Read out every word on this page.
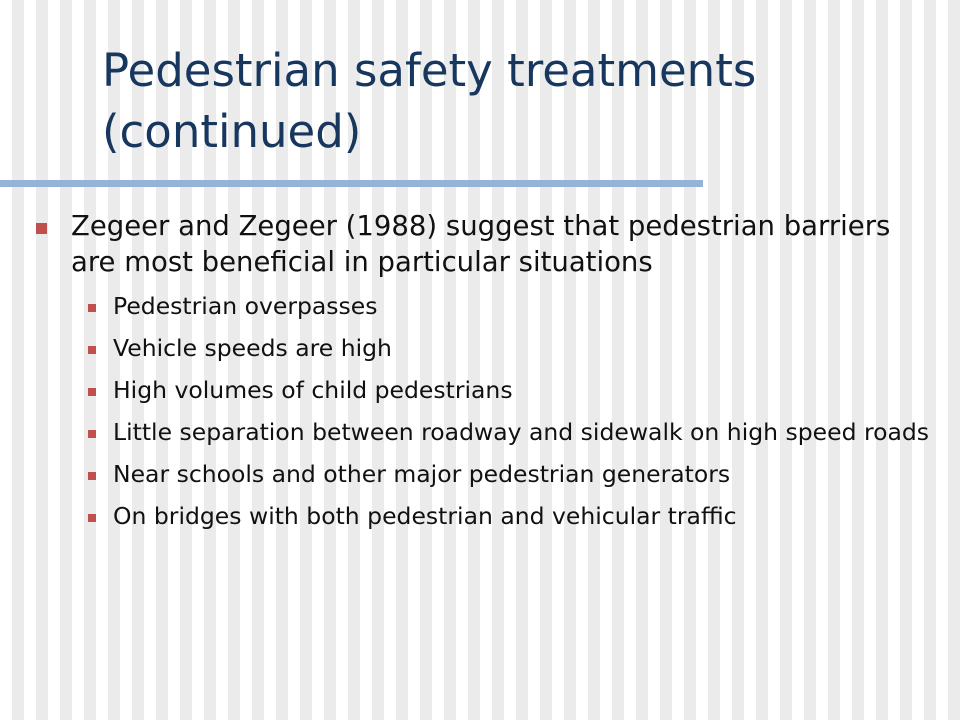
Pedestrian safety treatments
(continued)
Zegeer and Zegeer (1988) suggest that pedestrian barriers are most beneficial in particular situations
Pedestrian overpasses
Vehicle speeds are high
High volumes of child pedestrians
Little separation between roadway and sidewalk on high speed roads
Near schools and other major pedestrian generators
On bridges with both pedestrian and vehicular traffic
